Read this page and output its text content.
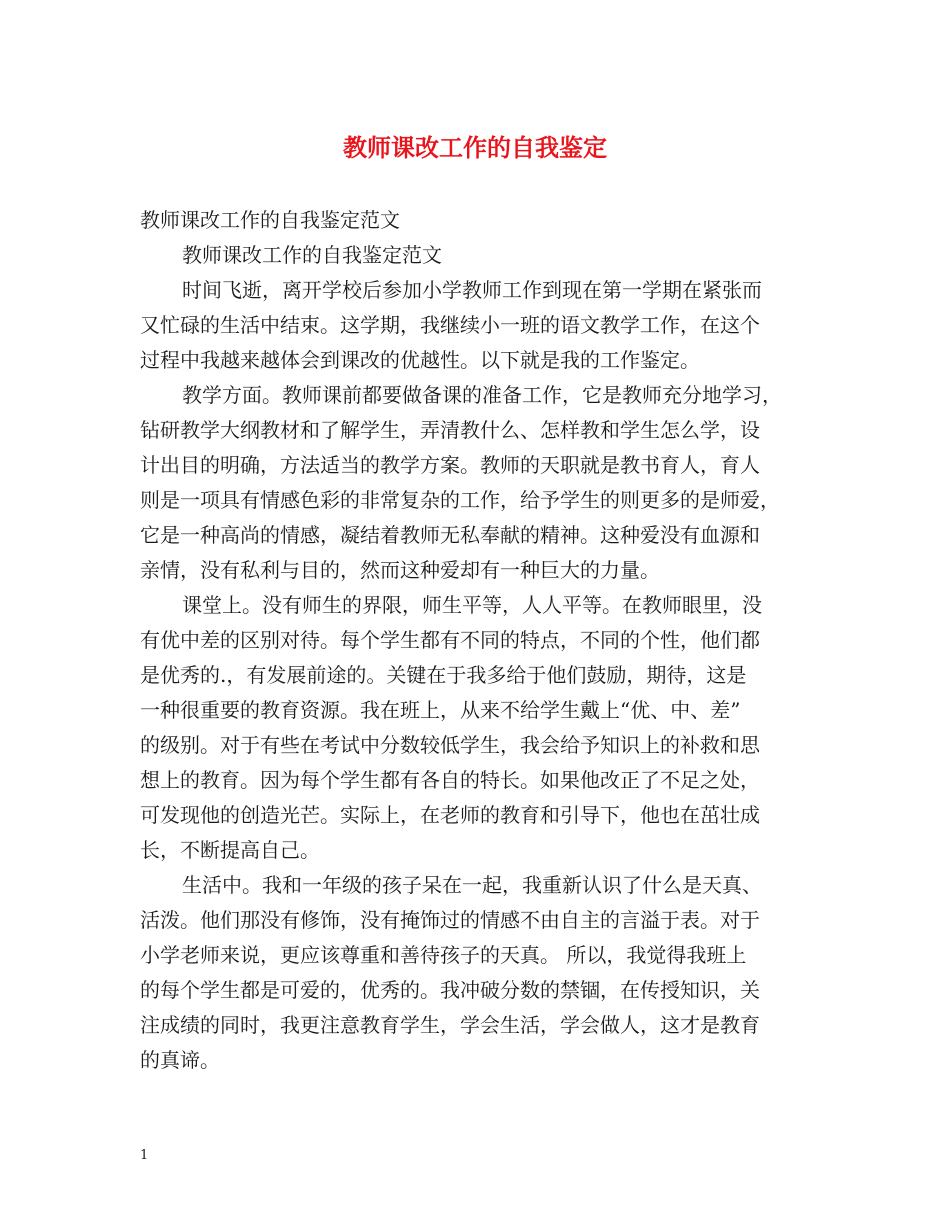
教师课改工作的自我鉴定
教师课改工作的自我鉴定范文
教师课改工作的自我鉴定范文
时间飞逝，离开学校后参加小学教师工作到现在第一学期在紧张而
又忙碌的生活中结束。这学期，我继续小一班的语文教学工作，在这个
过程中我越来越体会到课改的优越性。以下就是我的工作鉴定。
教学方面。教师课前都要做备课的准备工作，它是教师充分地学习，
钻研教学大纲教材和了解学生，弄清教什么、怎样教和学生怎么学，设
计出目的明确，方法适当的教学方案。教师的天职就是教书育人，育人
则是一项具有情感色彩的非常复杂的工作，给予学生的则更多的是师爱，
它是一种高尚的情感，凝结着教师无私奉献的精神。这种爱没有血源和
亲情，没有私利与目的，然而这种爱却有一种巨大的力量。
课堂上。没有师生的界限，师生平等，人人平等。在教师眼里，没
有优中差的区别对待。每个学生都有不同的特点，不同的个性，他们都
是优秀的.，有发展前途的。关键在于我多给于他们鼓励，期待，这是
一种很重要的教育资源。我在班上，从来不给学生戴上“优、中、差”
的级别。对于有些在考试中分数较低学生，我会给予知识上的补救和思
想上的教育。因为每个学生都有各自的特长。如果他改正了不足之处，
可发现他的创造光芒。实际上，在老师的教育和引导下，他也在茁壮成
长，不断提高自己。
生活中。我和一年级的孩子呆在一起，我重新认识了什么是天真、
活泼。他们那没有修饰，没有掩饰过的情感不由自主的言溢于表。对于
小学老师来说，更应该尊重和善待孩子的天真。 所以，我觉得我班上
的每个学生都是可爱的，优秀的。我冲破分数的禁锢，在传授知识，关
注成绩的同时，我更注意教育学生，学会生活，学会做人，这才是教育
的真谛。
1
